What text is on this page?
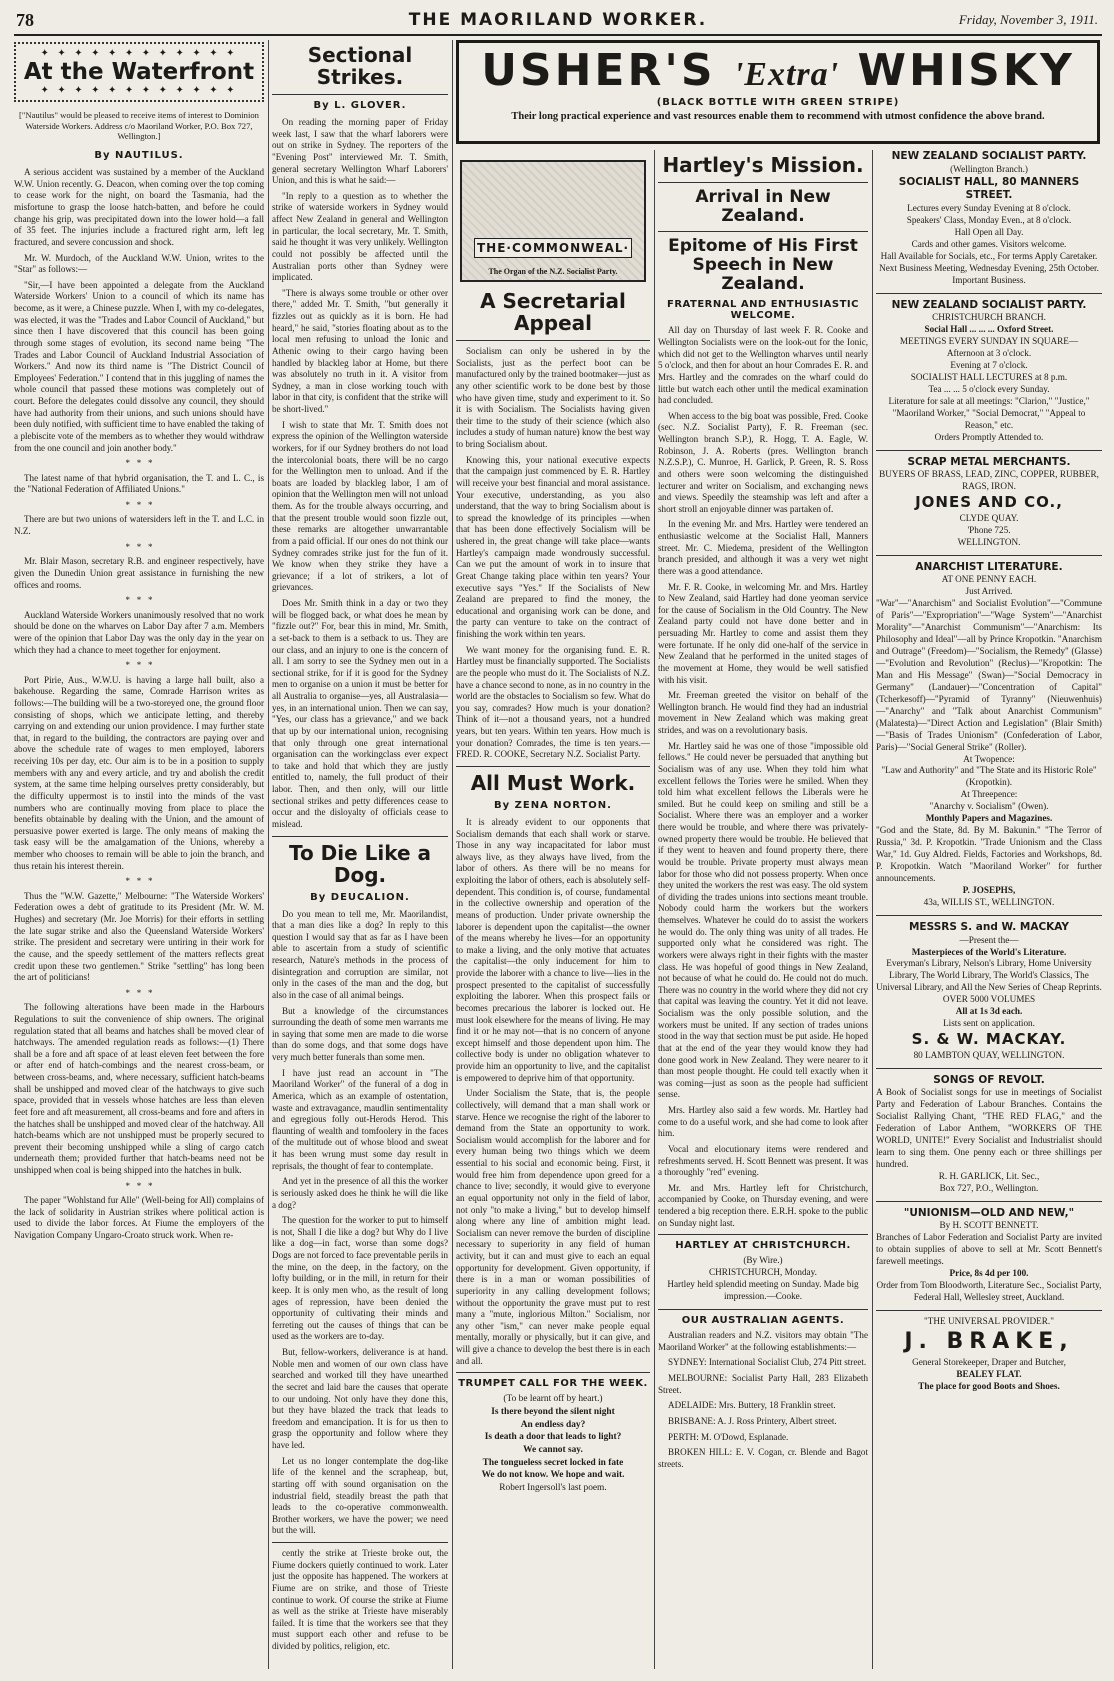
78	THE MAORILAND WORKER.	Friday, November 3, 1911.
✦ ✦ ✦ ✦ ✦ ✦ ✦ ✦ ✦ ✦ ✦ ✦
At the Waterfront
✦ ✦ ✦ ✦ ✦ ✦ ✦ ✦ ✦ ✦ ✦ ✦
["Nautilus" would be pleased to receive items of interest to Dominion Waterside Workers. Address c/o Maoriland Worker, P.O. Box 727, Wellington.]
By NAUTILUS.

A serious accident was sustained by a member of the Auckland W.W. Union recently. G. Deacon, when coming over the top coming to cease work for the night, on board the Tasmania, had the misfortune to grasp the loose hatch-batten, and before he could change his grip, was precipitated down into the lower hold—a fall of 35 feet. The injuries include a fractured right arm, left leg fractured, and severe concussion and shock.

Mr. W. Murdoch, of the Auckland W.W. Union, writes to the "Star" as follows:—

"Sir,—I have been appointed a delegate from the Auckland Waterside Workers' Union to a council of which its name has become, as it were, a Chinese puzzle. When I, with my co-delegates, was elected, it was the "Trades and Labor Council of Auckland," but since then I have discovered that this council has been going through some stages of evolution, its second name being "The Trades and Labor Council of Auckland Industrial Association of Workers." And now its third name is "The District Council of Employees' Federation." I contend that in this juggling of names the whole council that passed these motions was completely out of court. Before the delegates could dissolve any council, they should have had authority from their unions, and such unions should have been duly notified, with sufficient time to have enabled the taking of a plebiscite vote of the members as to whether they would withdraw from the one council and join another body."

*   *   *

The latest name of that hybrid organisation, the T. and L. C., is the "National Federation of Affiliated Unions."

*   *   *

There are but two unions of watersiders left in the T. and L.C. in N.Z.

*   *   *

Mr. Blair Mason, secretary R.B. and engineer respectively, have given the Dunedin Union great assistance in furnishing the new offices and rooms.

*   *   *

Auckland Waterside Workers unanimously resolved that no work should be done on the wharves on Labor Day after 7 a.m. Members were of the opinion that Labor Day was the only day in the year on which they had a chance to meet together for enjoyment.

*   *   *

Port Pirie, Aus., W.W.U. is having a large hall built, also a bakehouse. Regarding the same, Comrade Harrison writes as follows:—The building will be a two-storeyed one, the ground floor consisting of shops, which we anticipate letting, and thereby carrying on and extending our union providence. I may further state that, in regard to the building, the contractors are paying over and above the schedule rate of wages to men employed, laborers receiving 10s per day, etc. Our aim is to be in a position to supply members with any and every article, and try and abolish the credit system, at the same time helping ourselves pretty considerably, but the difficulty uppermost is to instil into the minds of the vast numbers who are continually moving from place to place the benefits obtainable by dealing with the Union, and the amount of persuasive power exerted is large. The only means of making the task easy will be the amalgamation of the Unions, whereby a member who chooses to remain will be able to join the branch, and thus retain his interest therein.

*   *   *

Thus the "W.W. Gazette," Melbourne: "The Waterside Workers' Federation owes a debt of gratitude to its President (Mr. W. M. Hughes) and secretary (Mr. Joe Morris) for their efforts in settling the late sugar strike and also the Queensland Waterside Workers' strike. The president and secretary were untiring in their work for the cause, and the speedy settlement of the matters reflects great credit upon these two gentlemen." Strike "settling" has long been the art of politicians!

*   *   *

The following alterations have been made in the Harbours Regulations to suit the convenience of ship owners. The original regulation stated that all beams and hatches shall be moved clear of hatchways. The amended regulation reads as follows:—(1) There shall be a fore and aft space of at least eleven feet between the fore or after end of hatch-combings and the nearest cross-beam, or between cross-beams, and, where necessary, sufficient hatch-beams shall be unshipped and moved clear of the hatchways to give such space, provided that in vessels whose hatches are less than eleven feet fore and aft measurement, all cross-beams and fore and afters in the hatches shall be unshipped and moved clear of the hatchway. All hatch-beams which are not unshipped must be properly secured to prevent their becoming unshipped while a sling of cargo catch underneath them; provided further that hatch-beams need not be unshipped when coal is being shipped into the hatches in bulk.

*   *   *

The paper "Wohlstand fur Alle" (Well-being for All) complains of the lack of solidarity in Austrian strikes where political action is used to divide the labor forces. At Fiume the employers of the Navigation Company Ungaro-Croato struck work. When re-

Sectional Strikes.
By L. GLOVER.

On reading the morning paper of Friday week last, I saw that the wharf laborers were out on strike in Sydney. The reporters of the "Evening Post" interviewed Mr. T. Smith, general secretary Wellington Wharf Laborers' Union, and this is what he said:—

"In reply to a question as to whether the strike of waterside workers in Sydney would affect New Zealand in general and Wellington in particular, the local secretary, Mr. T. Smith, said he thought it was very unlikely. Wellington could not possibly be affected until the Australian ports other than Sydney were implicated.

"There is always some trouble or other over there," added Mr. T. Smith, "but generally it fizzles out as quickly as it is born. He had heard," he said, "stories floating about as to the local men refusing to unload the Ionic and Athenic owing to their cargo having been handled by blackleg labor at Home, but there was absolutely no truth in it. A visitor from Sydney, a man in close working touch with labor in that city, is confident that the strike will be short-lived."

I wish to state that Mr. T. Smith does not express the opinion of the Wellington waterside workers, for if our Sydney brothers do not load the intercolonial boats, there will be no cargo for the Wellington men to unload. And if the boats are loaded by blackleg labor, I am of opinion that the Wellington men will not unload them. As for the trouble always occurring, and that the present trouble would soon fizzle out, these remarks are altogether unwarrantable from a paid official. If our ones do not think our Sydney comrades strike just for the fun of it. We know when they strike they have a grievance; if a lot of strikers, a lot of grievances.

Does Mr. Smith think in a day or two they will be flogged back, or what does he mean by "fizzle out?" For, bear this in mind, Mr. Smith, a set-back to them is a setback to us. They are our class, and an injury to one is the concern of all. I am sorry to see the Sydney men out in a sectional strike, for if it is good for the Sydney men to organise on a union it must be better for all Australia to organise—yes, all Australasia—yes, in an international union. Then we can say, "Yes, our class has a grievance," and we back that up by our international union, recognising that only through one great international organisation can the workingclass ever expect to take and hold that which they are justly entitled to, namely, the full product of their labor. Then, and then only, will our little sectional strikes and petty differences cease to occur and the disloyalty of officials cease to mislead.

To Die Like a Dog.
By DEUCALION.

Do you mean to tell me, Mr. Maorilandist, that a man dies like a dog? In reply to this question I would say that as far as I have been able to ascertain from a study of scientific research, Nature's methods in the process of disintegration and corruption are similar, not only in the cases of the man and the dog, but also in the case of all animal beings.

But a knowledge of the circumstances surrounding the death of some men warrants me in saying that some men are made to die worse than do some dogs, and that some dogs have very much better funerals than some men.

I have just read an account in "The Maoriland Worker" of the funeral of a dog in America, which as an example of ostentation, waste and extravagance, maudlin sentimentality and egregious folly out-Herods Herod. This flaunting of wealth and tomfoolery in the faces of the multitude out of whose blood and sweat it has been wrung must some day result in reprisals, the thought of fear to contemplate.

And yet in the presence of all this the worker is seriously asked does he think he will die like a dog?

The question for the worker to put to himself is not, Shall I die like a dog? but Why do I live like a dog—in fact, worse than some dogs? Dogs are not forced to face preventable perils in the mine, on the deep, in the factory, on the lofty building, or in the mill, in return for their keep. It is only men who, as the result of long ages of repression, have been denied the opportunity of cultivating their minds and ferreting out the causes of things that can be used as the workers are to-day.

But, fellow-workers, deliverance is at hand. Noble men and women of our own class have searched and worked till they have unearthed the secret and laid bare the causes that operate to our undoing. Not only have they done this, but they have blazed the track that leads to freedom and emancipation. It is for us then to grasp the opportunity and follow where they have led.

Let us no longer contemplate the dog-like life of the kennel and the scrapheap, but, starting off with sound organisation on the industrial field, steadily breast the path that leads to the co-operative commonwealth. Brother workers, we have the power; we need but the will.

cently the strike at Trieste broke out, the Fiume dockers quietly continued to work. Later just the opposite has happened. The workers at Fiume are on strike, and those of Trieste continue to work. Of course the strike at Fiume as well as the strike at Trieste have miserably failed. It is time that the workers see that they must support each other and refuse to be divided by politics, religion, etc.

USHER'S 'Extra' WHISKY
(BLACK BOTTLE WITH GREEN STRIPE)
Their long practical experience and vast resources enable them to recommend with utmost confidence the above brand.
THE·COMMONWEAL·
The Organ of the N.Z. Socialist Party.
A Secretarial Appeal

Socialism can only be ushered in by the Socialists, just as the perfect boot can be manufactured only by the trained bootmaker—just as any other scientific work to be done best by those who have given time, study and experiment to it. So it is with Socialism. The Socialists having given their time to the study of their science (which also includes a study of human nature) know the best way to bring Socialism about.

Knowing this, your national executive expects that the campaign just commenced by E. R. Hartley will receive your best financial and moral assistance. Your executive, understanding, as you also understand, that the way to bring Socialism about is to spread the knowledge of its principles —when that has been done effectively Socialism will be ushered in, the great change will take place—wants Hartley's campaign made wondrously successful. Can we put the amount of work in to insure that Great Change taking place within ten years? Your executive says "Yes." If the Socialists of New Zealand are prepared to find the money, the educational and organising work can be done, and the party can venture to take on the contract of finishing the work within ten years.

We want money for the organising fund. E. R. Hartley must be financially supported. The Socialists are the people who must do it. The Socialists of N.Z. have a chance second to none, as in no country in the world are the obstacles to Socialism so few. What do you say, comrades? How much is your donation? Think of it—not a thousand years, not a hundred years, but ten years. Within ten years. How much is your donation? Comrades, the time is ten years.—FRED. R. COOKE, Secretary N.Z. Socialist Party.

All Must Work.
By ZENA NORTON.

It is already evident to our opponents that Socialism demands that each shall work or starve. Those in any way incapacitated for labor must always live, as they always have lived, from the labor of others. As there will be no means for exploiting the labor of others, each is absolutely self-dependent. This condition is, of course, fundamental in the collective ownership and operation of the means of production. Under private ownership the laborer is dependent upon the capitalist—the owner of the means whereby he lives—for an opportunity to make a living, and the only motive that actuates the capitalist—the only inducement for him to provide the laborer with a chance to live—lies in the prospect presented to the capitalist of successfully exploiting the laborer. When this prospect fails or becomes precarious the laborer is locked out. He must look elsewhere for the means of living. He may find it or he may not—that is no concern of anyone except himself and those dependent upon him. The collective body is under no obligation whatever to provide him an opportunity to live, and the capitalist is empowered to deprive him of that opportunity.

Under Socialism the State, that is, the people collectively, will demand that a man shall work or starve. Hence we recognise the right of the laborer to demand from the State an opportunity to work. Socialism would accomplish for the laborer and for every human being two things which we deem essential to his social and economic being. First, it would free him from dependence upon greed for a chance to live; secondly, it would give to everyone an equal opportunity not only in the field of labor, not only "to make a living," but to develop himself along where any line of ambition might lead. Socialism can never remove the burden of discipline necessary to superiority in any field of human activity, but it can and must give to each an equal opportunity for development. Given opportunity, if there is in a man or woman possibilities of superiority in any calling development follows; without the opportunity the grave must put to rest many a "mute, inglorious Milton." Socialism, nor any other "ism," can never make people equal mentally, morally or physically, but it can give, and will give a chance to develop the best there is in each and all.

TRUMPET CALL FOR THE WEEK.
(To be learnt off by heart.)
Is there beyond the silent night
An endless day?
Is death a door that leads to light?
We cannot say.
The tongueless secret locked in fate
We do not know. We hope and wait.
Robert Ingersoll's last poem.
Hartley's Mission.
Arrival in New Zealand.
Epitome of His First Speech in New Zealand.
FRATERNAL AND ENTHUSIASTIC WELCOME.

All day on Thursday of last week F. R. Cooke and Wellington Socialists were on the look-out for the Ionic, which did not get to the Wellington wharves until nearly 5 o'clock, and then for about an hour Comrades E. R. and Mrs. Hartley and the comrades on the wharf could do little but watch each other until the medical examination had concluded.

When access to the big boat was possible, Fred. Cooke (sec. N.Z. Socialist Party), F. R. Freeman (sec. Wellington branch S.P.), R. Hogg, T. A. Eagle, W. Robinson, J. A. Roberts (pres. Wellington branch N.Z.S.P.), C. Munroe, H. Garlick, P. Green, R. S. Ross and others were soon welcoming the distinguished lecturer and writer on Socialism, and exchanging news and views. Speedily the steamship was left and after a short stroll an enjoyable dinner was partaken of.

In the evening Mr. and Mrs. Hartley were tendered an enthusiastic welcome at the Socialist Hall, Manners street. Mr. C. Miedema, president of the Wellington branch presided, and although it was a very wet night there was a good attendance.

Mr. F. R. Cooke, in welcoming Mr. and Mrs. Hartley to New Zealand, said Hartley had done yeoman service for the cause of Socialism in the Old Country. The New Zealand party could not have done better and in persuading Mr. Hartley to come and assist them they were fortunate. If he only did one-half of the service in New Zealand that he performed in the united stages of the movement at Home, they would be well satisfied with his visit.

Mr. Freeman greeted the visitor on behalf of the Wellington branch. He would find they had an industrial movement in New Zealand which was making great strides, and was on a revolutionary basis.

Mr. Hartley said he was one of those "impossible old fellows." He could never be persuaded that anything but Socialism was of any use. When they told him what excellent fellows the Tories were he smiled. When they told him what excellent fellows the Liberals were he smiled. But he could keep on smiling and still be a Socialist. Where there was an employer and a worker there would be trouble, and where there was privately-owned property there would be trouble. He believed that if they went to heaven and found property there, there would be trouble. Private property must always mean labor for those who did not possess property. When once they united the workers the rest was easy. The old system of dividing the trades unions into sections meant trouble. Nobody could harm the workers but the workers themselves. Whatever he could do to assist the workers he would do. The only thing was unity of all trades. He supported only what he considered was right. The workers were always right in their fights with the master class. He was hopeful of good things in New Zealand, not because of what he could do. He could not do much. There was no country in the world where they did not cry that capital was leaving the country. Yet it did not leave. Socialism was the only possible solution, and the workers must be united. If any section of trades unions stood in the way that section must be put aside. He hoped that at the end of the year they would know they had done good work in New Zealand. They were nearer to it than most people thought. He could tell exactly when it was coming—just as soon as the people had sufficient sense.

Mrs. Hartley also said a few words. Mr. Hartley had come to do a useful work, and she had come to look after him.

Vocal and elocutionary items were rendered and refreshments served. H. Scott Bennett was present. It was a thoroughly "red" evening.

Mr. and Mrs. Hartley left for Christchurch, accompanied by Cooke, on Thursday evening, and were tendered a big reception there. E.R.H. spoke to the public on Sunday night last.

HARTLEY AT CHRISTCHURCH.
(By Wire.)
CHRISTCHURCH, Monday.
Hartley held splendid meeting on Sunday. Made big impression.—Cooke.
OUR AUSTRALIAN AGENTS.

Australian readers and N.Z. visitors may obtain "The Maoriland Worker" at the following establishments:—

SYDNEY: International Socialist Club, 274 Pitt street.

MELBOURNE: Socialist Party Hall, 283 Elizabeth Street.

ADELAIDE: Mrs. Buttery, 18 Franklin street.

BRISBANE: A. J. Ross Printery, Albert street.

PERTH: M. O'Dowd, Esplanade.

BROKEN HILL: E. V. Cogan, cr. Blende and Bagot streets.

NEW ZEALAND SOCIALIST PARTY.
(Wellington Branch.)
SOCIALIST HALL, 80 MANNERS STREET.
Lectures every Sunday Evening at 8 o'clock.
Speakers' Class, Monday Even., at 8 o'clock.
Hall Open all Day.
Cards and other games. Visitors welcome.
Hall Available for Socials, etc., For terms Apply Caretaker.
Next Business Meeting, Wednesday Evening, 25th October. Important Business.
NEW ZEALAND SOCIALIST PARTY.
CHRISTCHURCH BRANCH.
Social Hall ... ... ... Oxford Street.
MEETINGS EVERY SUNDAY IN SQUARE—
Afternoon at 3 o'clock.
Evening at 7 o'clock.
SOCIALIST HALL LECTURES at 8 p.m.
Tea ... ... 5 o'clock every Sunday.
Literature for sale at all meetings: "Clarion," "Justice," "Maoriland Worker," "Social Democrat," "Appeal to Reason," etc.
Orders Promptly Attended to.
SCRAP METAL MERCHANTS.
BUYERS OF BRASS, LEAD, ZINC, COPPER, RUBBER, RAGS, IRON.
JONES AND CO.,
CLYDE QUAY.
'Phone 725.
WELLINGTON.
ANARCHIST LITERATURE.
AT ONE PENNY EACH.
Just Arrived.
"War"—"Anarchism" and Socialist Evolution"—"Commune of Paris"—"Expropriation"—"Wage System"—"Anarchist Morality"—"Anarchist Communism"—"Anarchism: Its Philosophy and Ideal"—all by Prince Kropotkin. "Anarchism and Outrage" (Freedom)—"Socialism, the Remedy" (Glasse)—"Evolution and Revolution" (Reclus)—"Kropotkin: The Man and His Message" (Swan)—"Social Democracy in Germany" (Landauer)—"Concentration of Capital" (Tcherkesoff)—"Pyramid of Tyranny" (Nieuwenhuis)—"Anarchy" and "Talk about Anarchist Communism" (Malatesta)—"Direct Action and Legislation" (Blair Smith)—"Basis of Trades Unionism" (Confederation of Labor, Paris)—"Social General Strike" (Roller).
At Twopence:
"Law and Authority" and "The State and its Historic Role" (Kropotkin).
At Threepence:
"Anarchy v. Socialism" (Owen).
Monthly Papers and Magazines.
"God and the State, 8d. By M. Bakunin." "The Terror of Russia," 3d. P. Kropotkin. "Trade Unionism and the Class War," 1d. Guy Aldred. Fields, Factories and Workshops, 8d. P. Kropotkin. Watch "Maoriland Worker" for further announcements.
P. JOSEPHS,
43a, WILLIS ST., WELLINGTON.
MESSRS S. and W. MACKAY
—Present the—
Masterpieces of the World's Literature.
Everyman's Library, Nelson's Library, Home University Library, The World Library, The World's Classics, The Universal Library, and All the New Series of Cheap Reprints.
OVER 5000 VOLUMES
All at 1s 3d each.
Lists sent on application.
S. & W. MACKAY.
80 LAMBTON QUAY, WELLINGTON.
SONGS OF REVOLT.
A Book of Socialist songs for use in meetings of Socialist Party and Federation of Labour Branches. Contains the Socialist Rallying Chant, "THE RED FLAG," and the Federation of Labor Anthem, "WORKERS OF THE WORLD, UNITE!" Every Socialist and Industrialist should learn to sing them. One penny each or three shillings per hundred.
R. H. GARLICK, Lit. Sec.,
Box 727, P.O., Wellington.
"UNIONISM—OLD AND NEW,"
By H. SCOTT BENNETT.
Branches of Labor Federation and Socialist Party are invited to obtain supplies of above to sell at Mr. Scott Bennett's farewell meetings.
Price, 8s 4d per 100.
Order from Tom Bloodworth, Literature Sec., Socialist Party, Federal Hall, Wellesley street, Auckland.
"THE UNIVERSAL PROVIDER."
J. BRAKE,
General Storekeeper, Draper and Butcher,
BEALEY FLAT.
The place for good Boots and Shoes.
